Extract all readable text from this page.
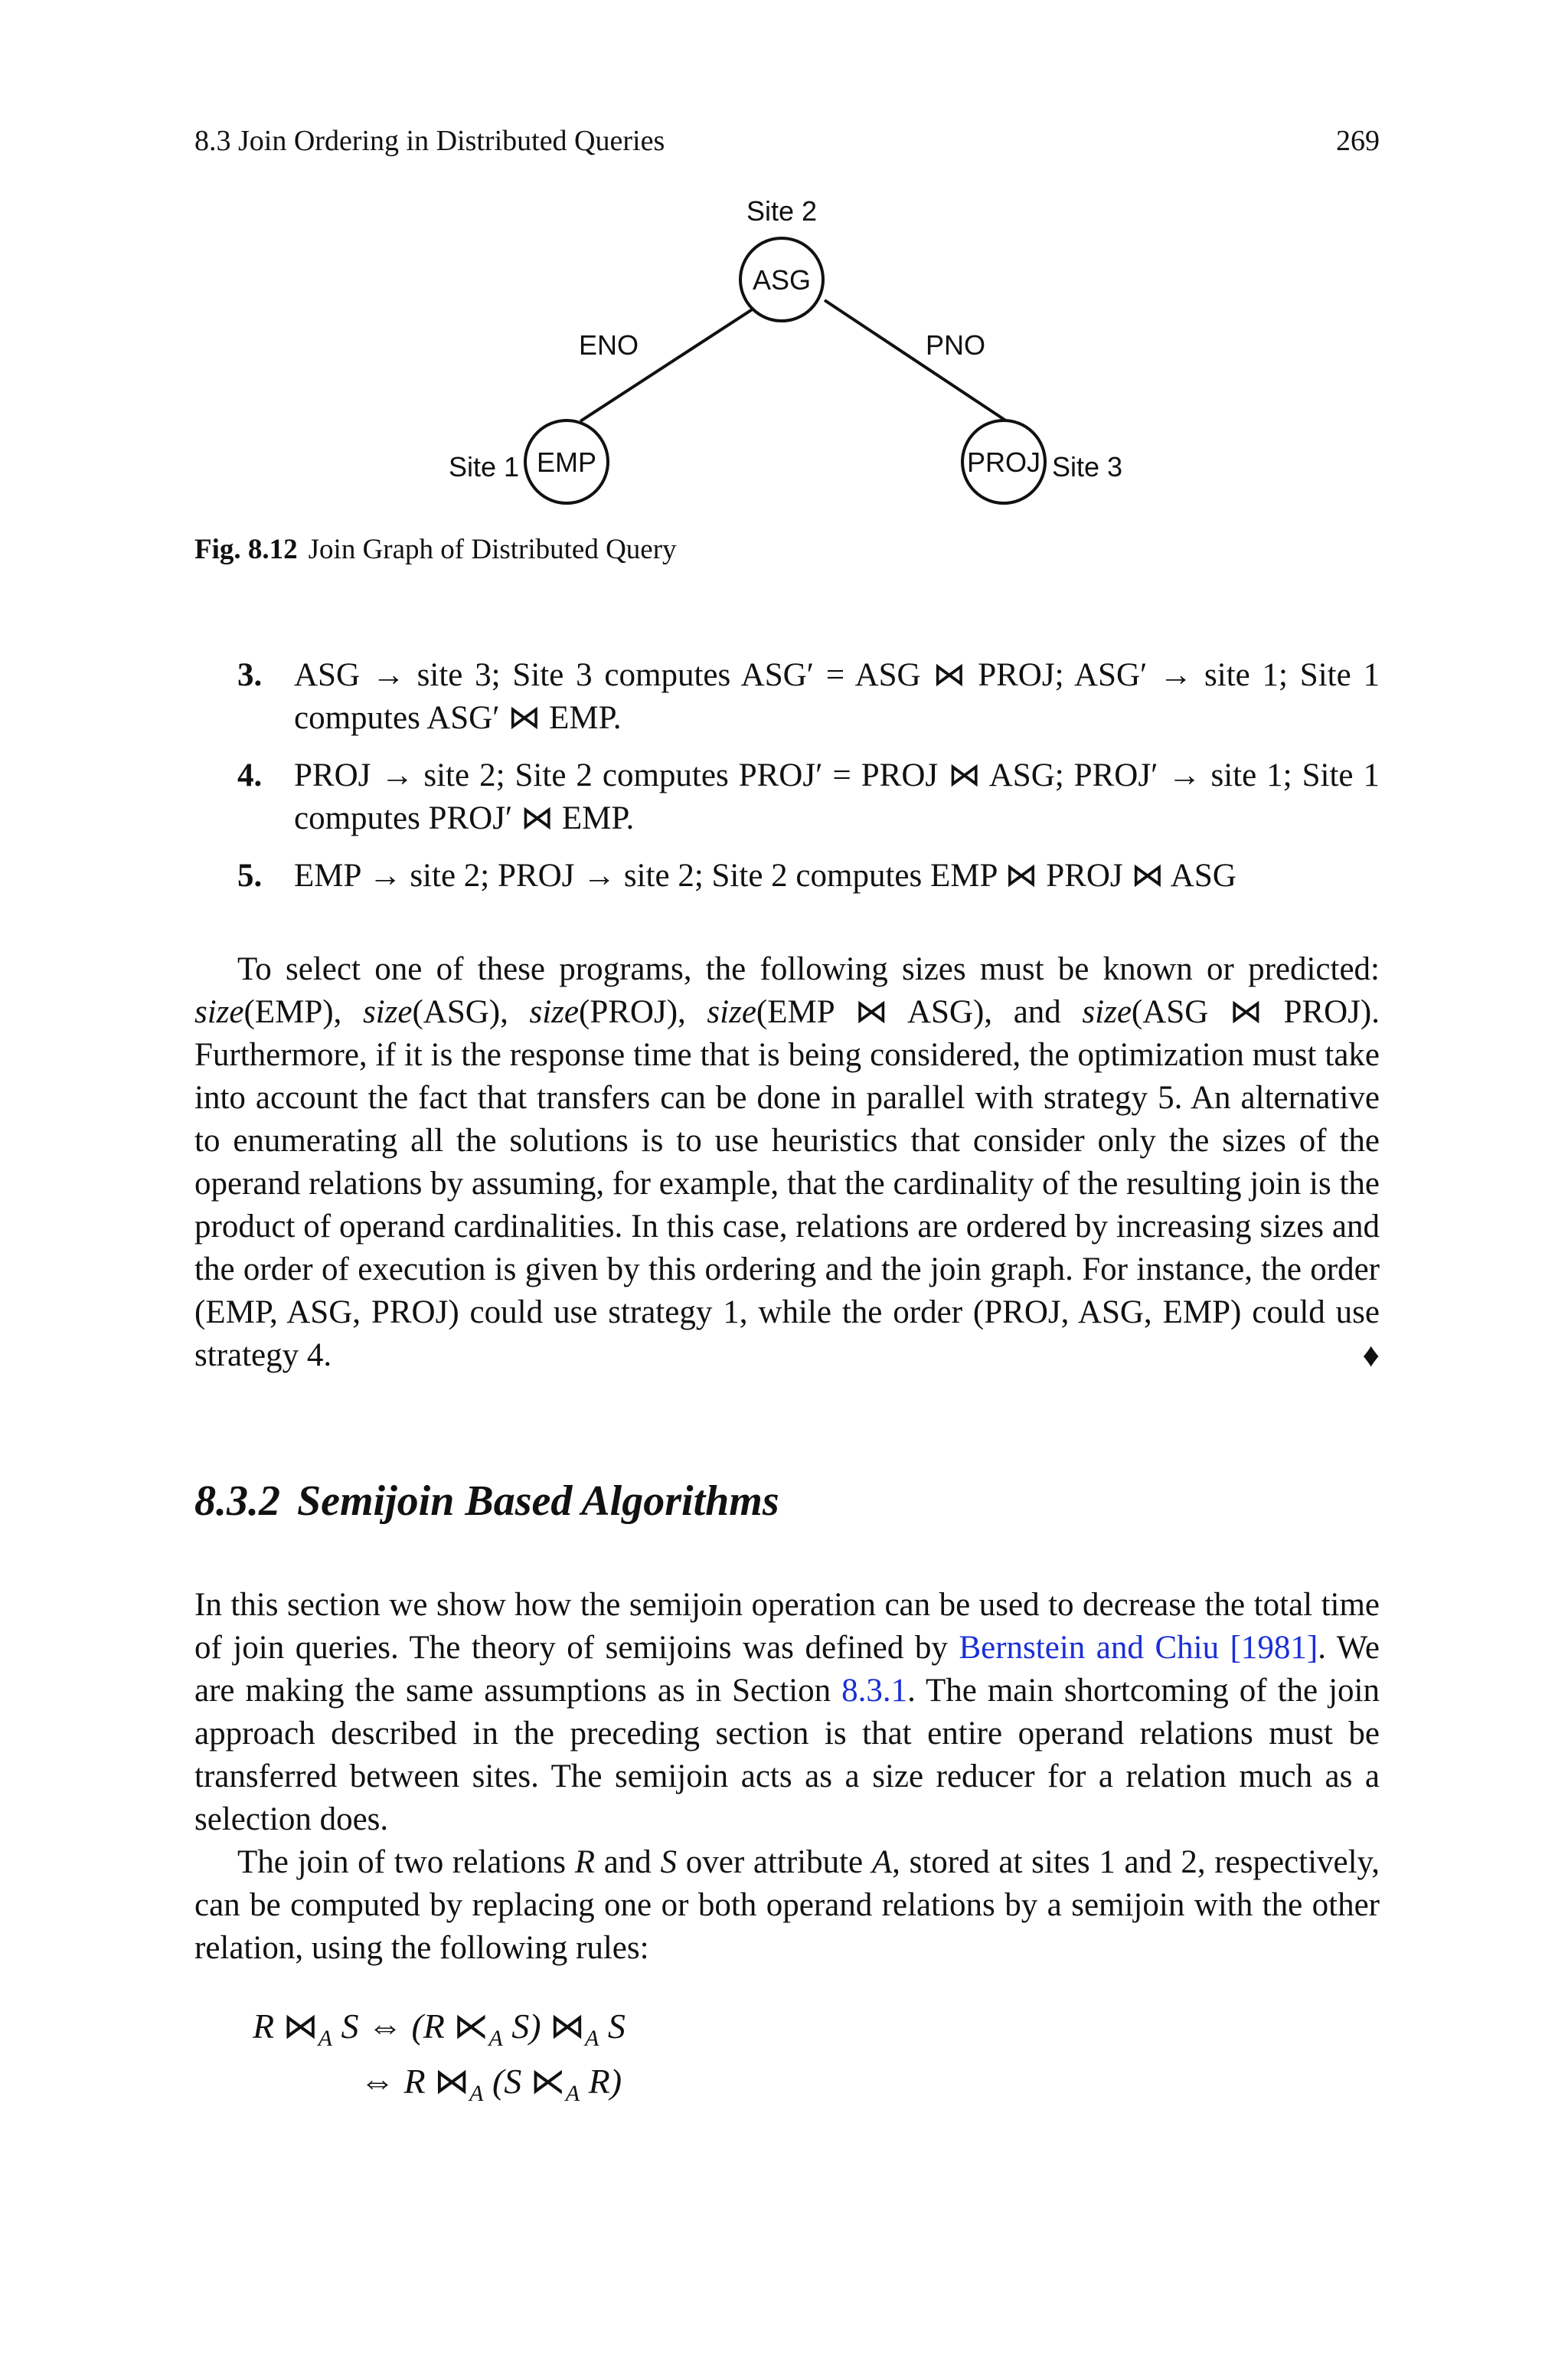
8.3 Join Ordering in Distributed Queries	269
ASG
EMP	PROJ
Site 2
Site 1	Site 3
ENO	PNO
Fig. 8.12 Join Graph of Distributed Query
3. ASG → site 3; Site 3 computes ASG′ = ASG ⋈ PROJ; ASG′ → site 1; Site 1 computes ASG′ ⋈ EMP.
4. PROJ → site 2; Site 2 computes PROJ′ = PROJ ⋈ ASG; PROJ′ → site 1; Site 1 computes PROJ′ ⋈ EMP.
5. EMP → site 2; PROJ → site 2; Site 2 computes EMP ⋈ PROJ ⋈ ASG
To select one of these programs, the following sizes must be known or predicted: size(EMP), size(ASG), size(PROJ), size(EMP ⋈ ASG), and size(ASG ⋈ PROJ). Furthermore, if it is the response time that is being considered, the optimization must take into account the fact that transfers can be done in parallel with strategy 5. An alternative to enumerating all the solutions is to use heuristics that consider only the sizes of the operand relations by assuming, for example, that the cardinality of the resulting join is the product of operand cardinalities. In this case, relations are ordered by increasing sizes and the order of execution is given by this ordering and the join graph. For instance, the order (EMP, ASG, PROJ) could use strategy 1, while the order (PROJ, ASG, EMP) could use strategy 4.	♦
8.3.2 Semijoin Based Algorithms
In this section we show how the semijoin operation can be used to decrease the total time of join queries. The theory of semijoins was defined by Bernstein and Chiu [1981]. We are making the same assumptions as in Section 8.3.1. The main shortcoming of the join approach described in the preceding section is that entire operand relations must be transferred between sites. The semijoin acts as a size reducer for a relation much as a selection does.
The join of two relations R and S over attribute A, stored at sites 1 and 2, respectively, can be computed by replacing one or both operand relations by a semijoin with the other relation, using the following rules:
R $⋈_A$ S ⇔ (R $⋉_A$ S) $⋈_A$ S
⇔ R $⋈_A$ (S $⋉_A$ R)
